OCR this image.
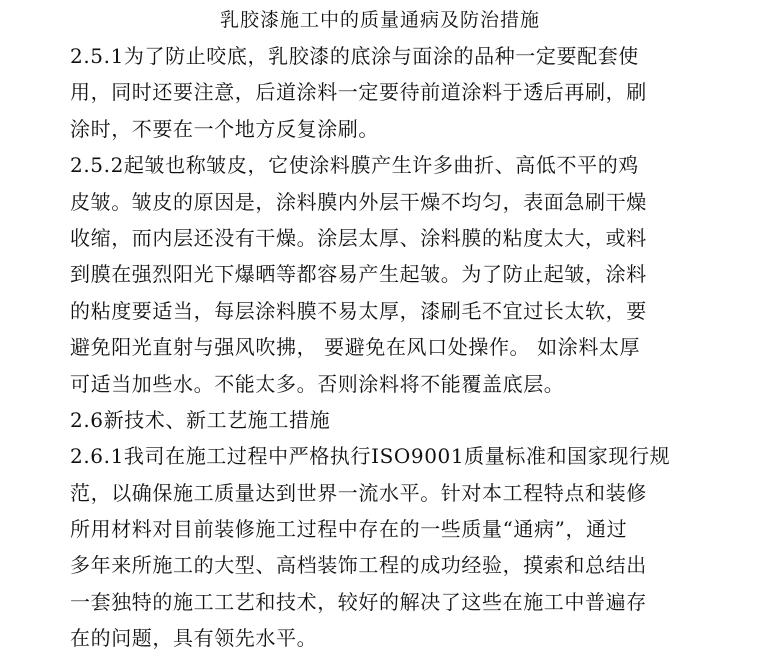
乳胶漆施工中的质量通病及防治措施
2.5.1为了防止咬底，乳胶漆的底涂与面涂的品种一定要配套使
用，同时还要注意，后道涂料一定要待前道涂料于透后再刷，刷
涂时，不要在一个地方反复涂刷。
2.5.2起皱也称皱皮，它使涂料膜产生许多曲折、高低不平的鸡
皮皱。皱皮的原因是，涂料膜内外层干燥不均匀，表面急刷干燥
收缩，而内层还没有干燥。涂层太厚、涂料膜的粘度太大，或料
到膜在强烈阳光下爆晒等都容易产生起皱。为了防止起皱，涂料
的粘度要适当，每层涂料膜不易太厚，漆刷毛不宜过长太软，要
避免阳光直射与强风吹拂， 要避免在风口处操作。 如涂料太厚
可适当加些水。不能太多。否则涂料将不能覆盖底层。
2.6新技术、新工艺施工措施
2.6.1我司在施工过程中严格执行ISO9001质量标准和国家现行规
范，以确保施工质量达到世界一流水平。针对本工程特点和装修
所用材料对目前装修施工过程中存在的一些质量“通病”，通过
多年来所施工的大型、高档装饰工程的成功经验，摸索和总结出
一套独特的施工工艺和技术，较好的解决了这些在施工中普遍存
在的问题，具有领先水平。
